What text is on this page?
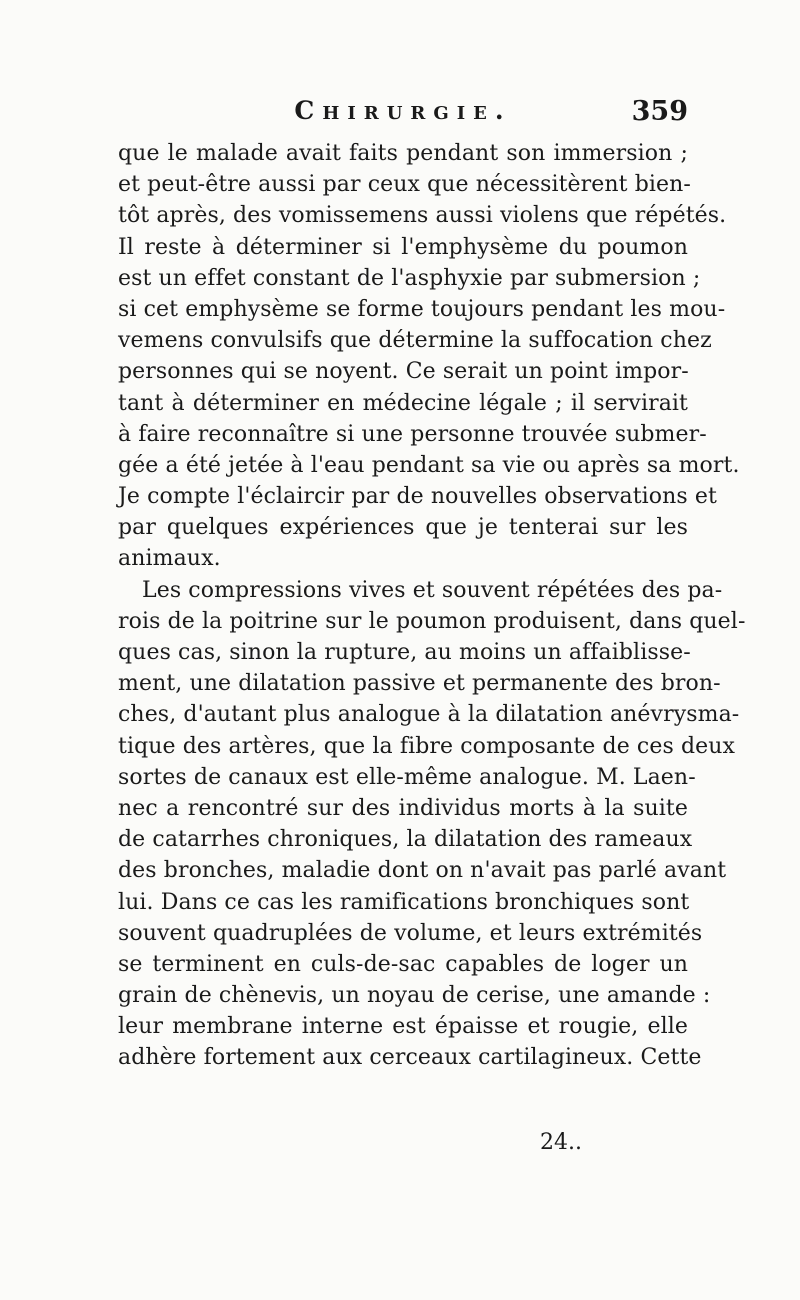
Chirurgie.	359
que le malade avait faits pendant son immersion ;
et peut-être aussi par ceux que nécessitèrent bien-
tôt après, des vomissemens aussi violens que répétés.
Il reste à déterminer si l'emphysème du poumon
est un effet constant de l'asphyxie par submersion ;
si cet emphysème se forme toujours pendant les mou-
vemens convulsifs que détermine la suffocation chez
personnes qui se noyent. Ce serait un point impor-
tant à déterminer en médecine légale ; il servirait
à faire reconnaître si une personne trouvée submer-
gée a été jetée à l'eau pendant sa vie ou après sa mort.
Je compte l'éclaircir par de nouvelles observations et
par quelques expériences que je tenterai sur les
animaux.
Les compressions vives et souvent répétées des pa-
rois de la poitrine sur le poumon produisent, dans quel-
ques cas, sinon la rupture, au moins un affaiblisse-
ment, une dilatation passive et permanente des bron-
ches, d'autant plus analogue à la dilatation anévrysma-
tique des artères, que la fibre composante de ces deux
sortes de canaux est elle-même analogue. M. Laen-
nec a rencontré sur des individus morts à la suite
de catarrhes chroniques, la dilatation des rameaux
des bronches, maladie dont on n'avait pas parlé avant
lui. Dans ce cas les ramifications bronchiques sont
souvent quadruplées de volume, et leurs extrémités
se terminent en culs-de-sac capables de loger un
grain de chènevis, un noyau de cerise, une amande :
leur membrane interne est épaisse et rougie, elle
adhère fortement aux cerceaux cartilagineux. Cette
24..
